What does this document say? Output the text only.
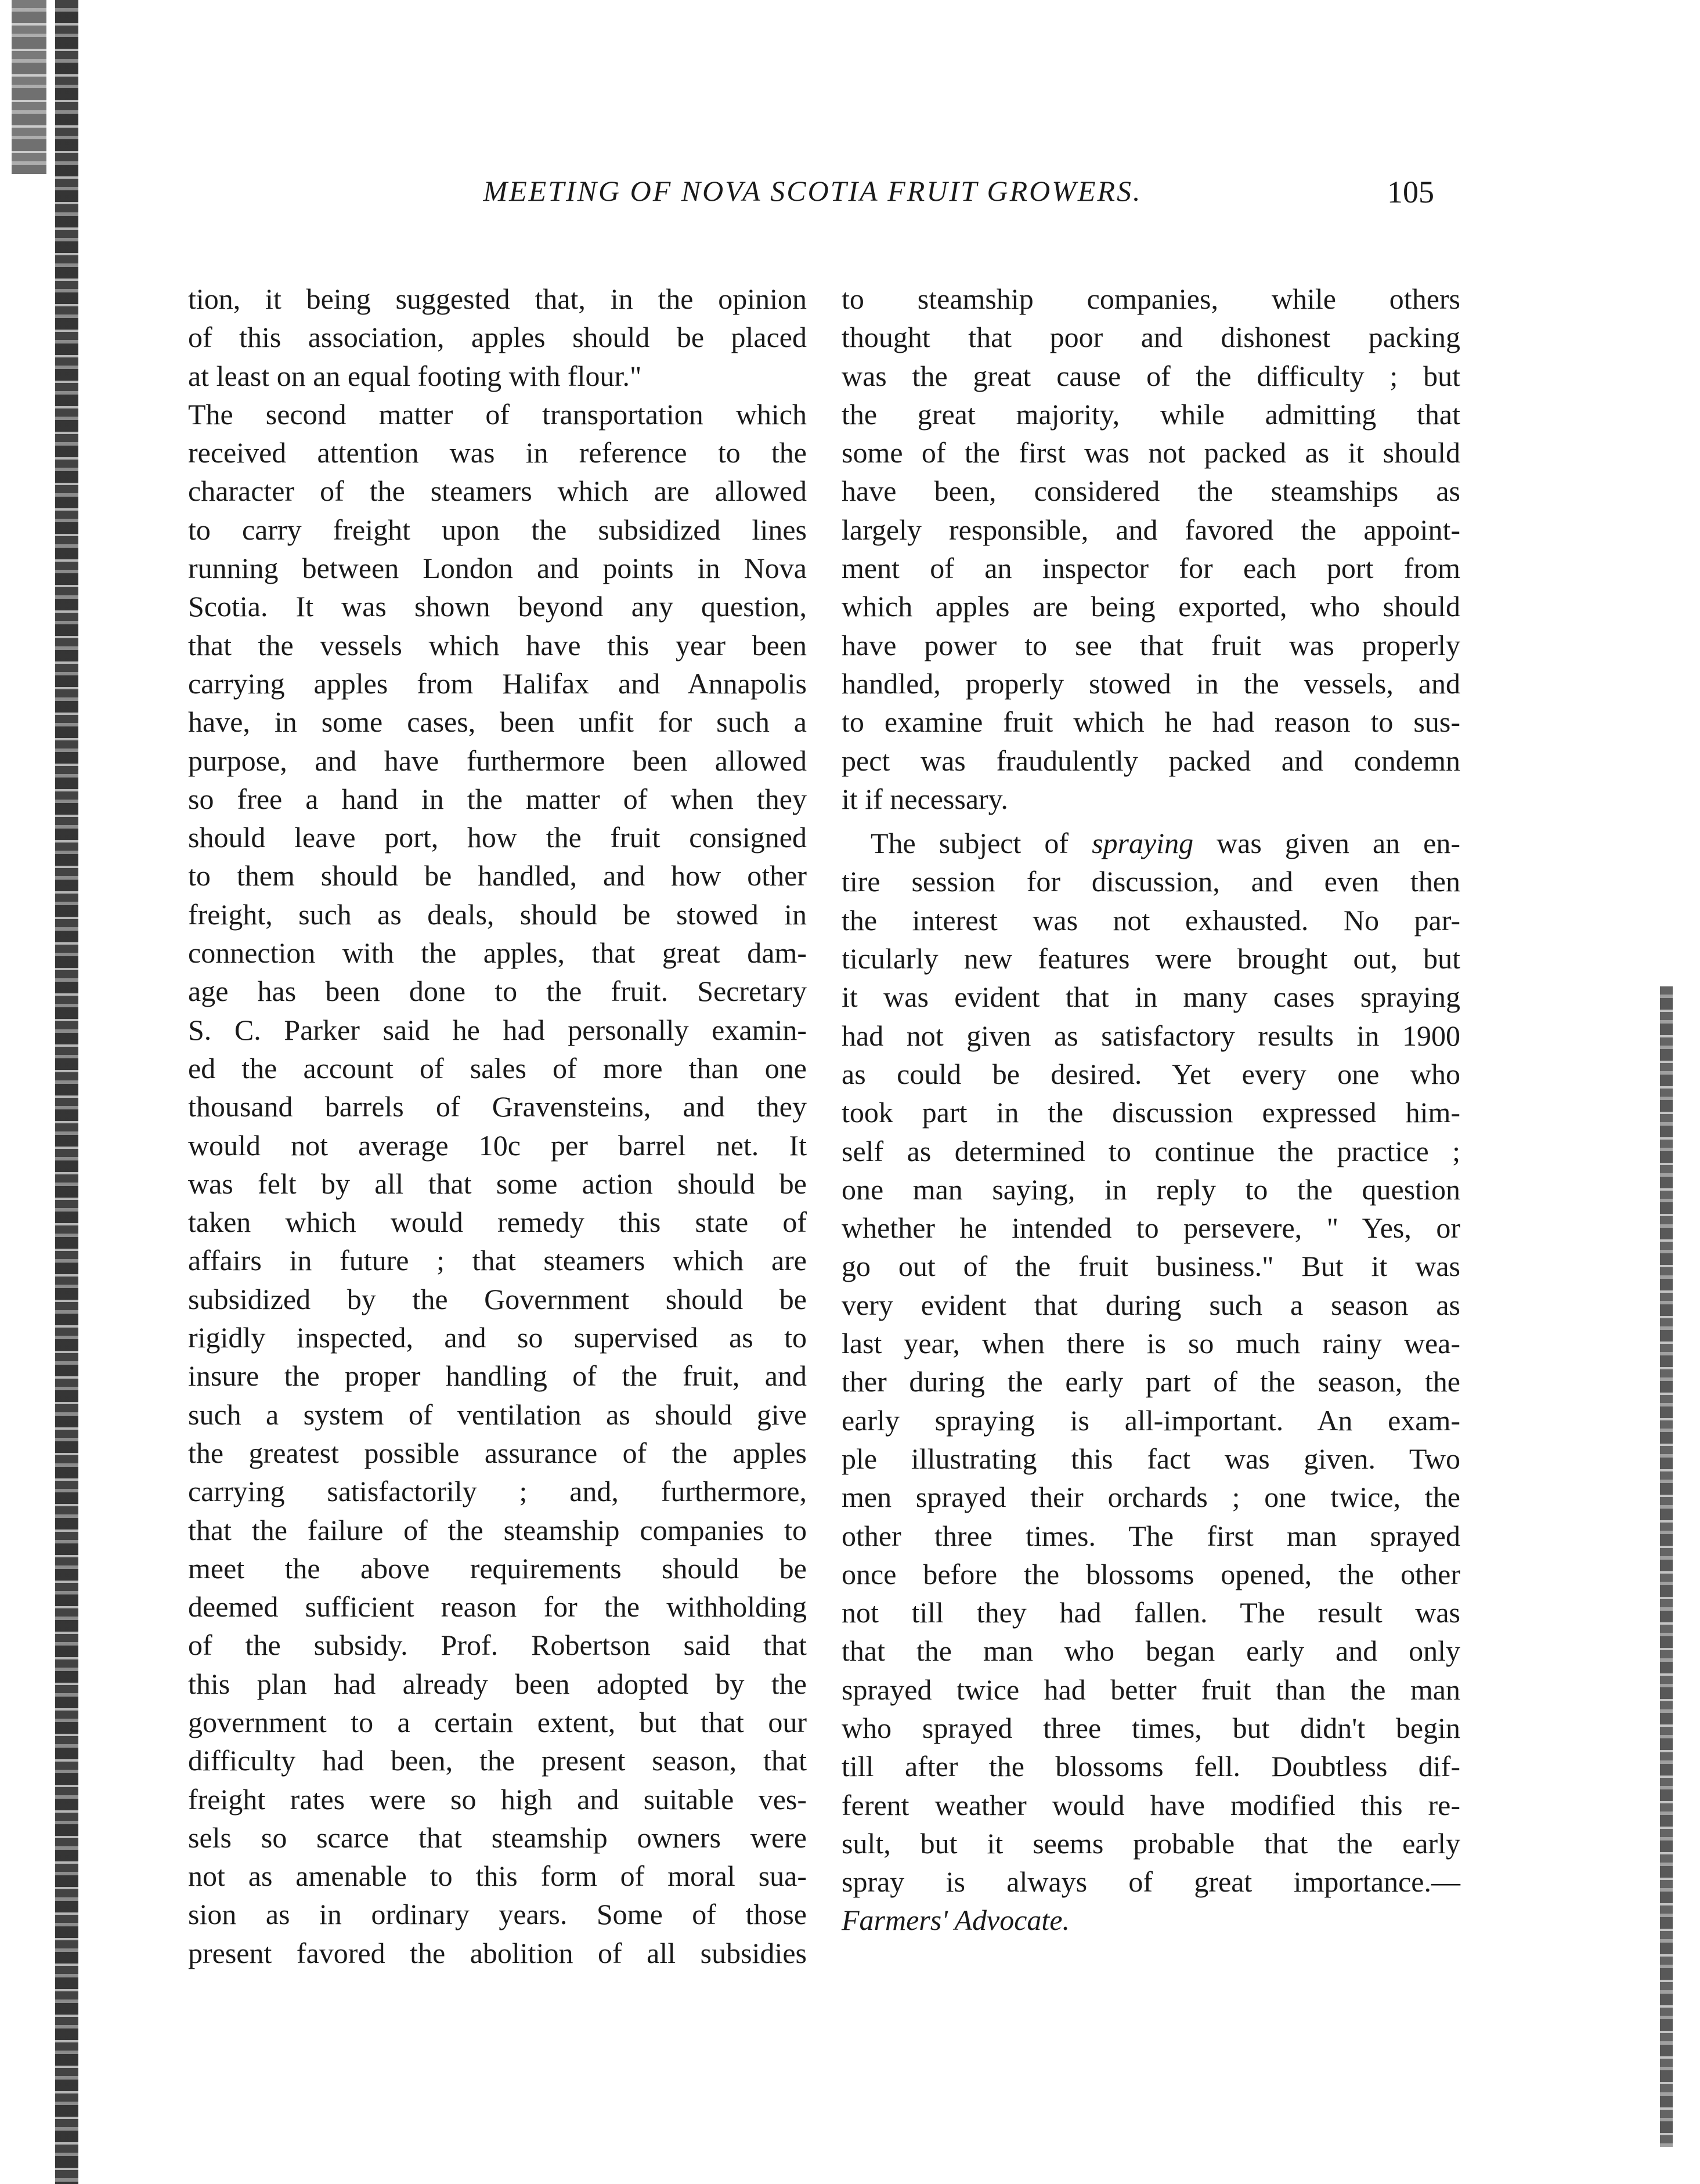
MEETING OF NOVA SCOTIA FRUIT GROWERS.	105
tion, it being suggested that, in the opinion
of this association, apples should be placed
at least on an equal footing with flour."
The second matter of transportation which
received attention was in reference to the
character of the steamers which are allowed
to carry freight upon the subsidized lines
running between London and points in Nova
Scotia. It was shown beyond any question,
that the vessels which have this year been
carrying apples from Halifax and Annapolis
have, in some cases, been unfit for such a
purpose, and have furthermore been allowed
so free a hand in the matter of when they
should leave port, how the fruit consigned
to them should be handled, and how other
freight, such as deals, should be stowed in
connection with the apples, that great dam-
age has been done to the fruit. Secretary
S. C. Parker said he had personally examin-
ed the account of sales of more than one
thousand barrels of Gravensteins, and they
would not average 10c per barrel net. It
was felt by all that some action should be
taken which would remedy this state of
affairs in future ; that steamers which are
subsidized by the Government should be
rigidly inspected, and so supervised as to
insure the proper handling of the fruit, and
such a system of ventilation as should give
the greatest possible assurance of the apples
carrying satisfactorily ; and, furthermore,
that the failure of the steamship companies to
meet the above requirements should be
deemed sufficient reason for the withholding
of the subsidy. Prof. Robertson said that
this plan had already been adopted by the
government to a certain extent, but that our
difficulty had been, the present season, that
freight rates were so high and suitable ves-
sels so scarce that steamship owners were
not as amenable to this form of moral sua-
sion as in ordinary years. Some of those
present favored the abolition of all subsidies
to steamship companies, while others
thought that poor and dishonest packing
was the great cause of the difficulty ; but
the great majority, while admitting that
some of the first was not packed as it should
have been, considered the steamships as
largely responsible, and favored the appoint-
ment of an inspector for each port from
which apples are being exported, who should
have power to see that fruit was properly
handled, properly stowed in the vessels, and
to examine fruit which he had reason to sus-
pect was fraudulently packed and condemn
it if necessary.
The subject of spraying was given an en-
tire session for discussion, and even then
the interest was not exhausted. No par-
ticularly new features were brought out, but
it was evident that in many cases spraying
had not given as satisfactory results in 1900
as could be desired. Yet every one who
took part in the discussion expressed him-
self as determined to continue the practice ;
one man saying, in reply to the question
whether he intended to persevere, " Yes, or
go out of the fruit business." But it was
very evident that during such a season as
last year, when there is so much rainy wea-
ther during the early part of the season, the
early spraying is all-important. An exam-
ple illustrating this fact was given. Two
men sprayed their orchards ; one twice, the
other three times. The first man sprayed
once before the blossoms opened, the other
not till they had fallen. The result was
that the man who began early and only
sprayed twice had better fruit than the man
who sprayed three times, but didn't begin
till after the blossoms fell. Doubtless dif-
ferent weather would have modified this re-
sult, but it seems probable that the early
spray is always of great importance.—
Farmers' Advocate.
